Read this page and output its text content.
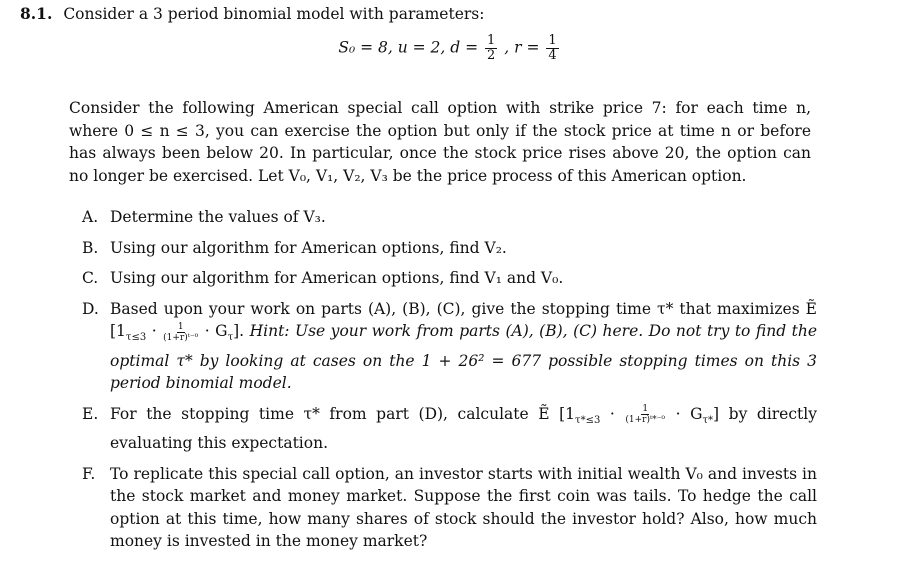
8.1. Consider a 3 period binomial model with parameters:
S₀ = 8, u = 2, $d = \frac{1}{2}$ , $r = \frac{1}{4}$
Consider the following American special call option with strike price 7: for each time n, where 0 ≤ n ≤ 3, you can exercise the option but only if the stock price at time n or before has always been below 20. In particular, once the stock price rises above 20, the option can no longer be exercised. Let V₀, V₁, V₂, V₃ be the price process of this American option.
A. Determine the values of V₃.
B. Using our algorithm for American options, find V₂.
C. Using our algorithm for American options, find V₁ and V₀.
D. Based upon your work on parts (A), (B), (C), give the stopping time τ* that maximizes Ẽ $[1_{\tau\le 3} \cdot \frac{1}{\text{(1+r)ᵗ⁻⁰}} \cdot G_\tau]$. Hint: Use your work from parts (A), (B), (C) here. Do not try to find the optimal τ* by looking at cases on the 1 + 26² = 677 possible stopping times on this 3 period binomial model.
E. For the stopping time τ* from part (D), calculate Ẽ $[1_{\tau*\le 3} \cdot \frac{1}{\text{(1+r)ᵗ*⁻⁰}} \cdot G_{\tau*}]$ by directly evaluating this expectation.
F. To replicate this special call option, an investor starts with initial wealth V₀ and invests in the stock market and money market. Suppose the first coin was tails. To hedge the call option at this time, how many shares of stock should the investor hold? Also, how much money is invested in the money market?
